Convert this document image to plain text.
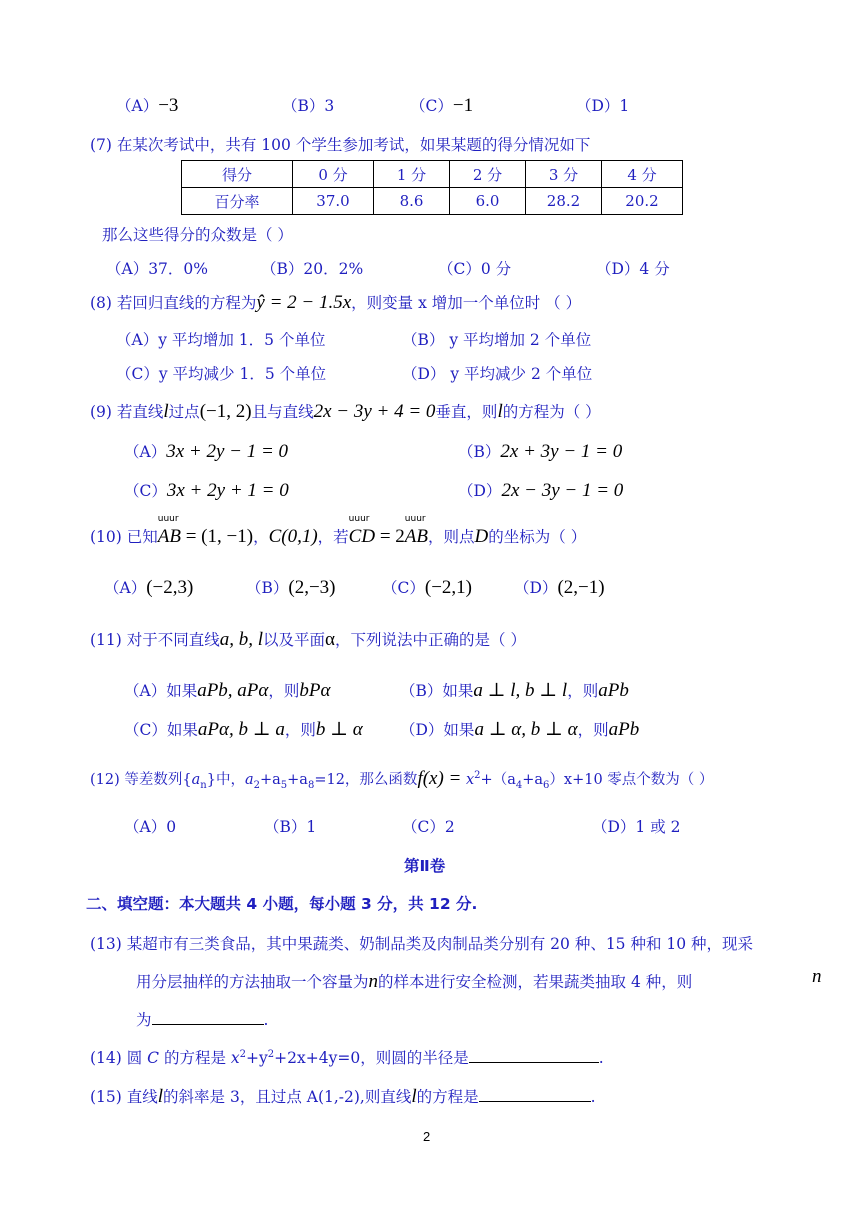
（A）−3	（B）3	（C）−1	（D）1
(7) 在某次考试中，共有 100 个学生参加考试，如果某题的得分情况如下
得分	0 分	1 分	2 分	3 分	4 分
百分率	37.0	8.6	6.0	28.2	20.2
那么这些得分的众数是（ ）
（A）37．0%	（B）20．2%	（C）0 分	（D）4 分
(8) 若回归直线的方程为ŷ = 2 − 1.5x，则变量 x 增加一个单位时 （ ）
（A）y 平均增加 1．5 个单位	（B） y 平均增加 2 个单位
（C）y 平均减少 1．5 个单位	（D） y 平均减少 2 个单位
(9) 若直线l过点(−1, 2)且与直线2x − 3y + 4 = 0垂直，则l的方程为（ ）
（A）3x + 2y − 1 = 0	（B）2x + 3y − 1 = 0
（C）3x + 2y + 1 = 0	（D）2x − 3y − 1 = 0
(10) 已知
uuur
AB = (1, −1)，C(0,1)，若
uuur
CD = 2
uuur
AB，则点D的坐标为（ ）
（A）(−2,3)	（B）(2,−3)	（C）(−2,1)	（D）(2,−1)
(11) 对于不同直线a, b, l以及平面α，下列说法中正确的是（ ）
（A）如果aPb, aPα，则bPα	（B）如果a ⊥ l, b ⊥ l，则aPb
（C）如果aPα, b ⊥ a，则b ⊥ α （D）如果a ⊥ α, b ⊥ α，则aPb
(12) 等差数列$\{a_n\}$中，$a_2+a_5+a_8=12$，那么函数$f(x) = x^2+(a_4+a_6)x+10$ 零点个数为（ ）
（A）0	（B）1	（C）2	（D）1 或 2
第Ⅱ卷
二、填空题：本大题共 4 小题，每小题 3 分，共 12 分.
(13) 某超市有三类食品，其中果蔬类、奶制品类及肉制品类分别有 20 种、15 种和 10 种，现采
用分层抽样的方法抽取一个容量为n的样本进行安全检测，若果蔬类抽取 4 种，则	n
为	.
(14) 圆 C 的方程是 $x^2+y^2+2x+4y=0$，则圆的半径是	.
(15) 直线l的斜率是 3，且过点 A(1,-2),则直线l的方程是	.
2
